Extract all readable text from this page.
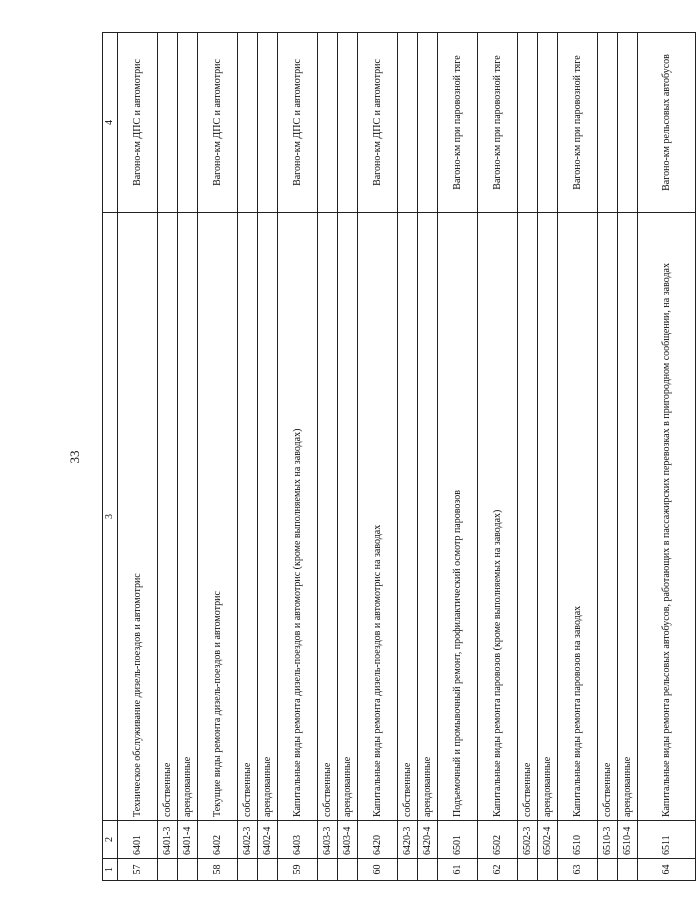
33
1	2	3	4
57	6401	Техническое обслуживание дизель-поездов и автомотрис	Вагоно-км ДПС и автомотрис
	6401-3	собственные	
	6401-4	арендованные	
58	6402	Текущие виды ремонта дизель-поездов и автомотрис	Вагоно-км ДПС и автомотрис
	6402-3	собственные	
	6402-4	арендованные	
59	6403	Капитальные виды ремонта дизель-поездов и автомотрис (кроме выполняемых на заводах)	Вагоно-км ДПС и автомотрис
	6403-3	собственные	
	6403-4	арендованные	
60	6420	Капитальные виды ремонта дизель-поездов и автомотрис на заводах	Вагоно-км ДПС и автомотрис
	6420-3	собственные	
	6420-4	арендованные	
61	6501	Подъемочный и промывочный ремонт, профилактический осмотр паровозов	Вагоно-км при паровозной тяге
62	6502	Капитальные виды ремонта паровозов (кроме выполняемых на заводах)	Вагоно-км при паровозной тяге
	6502-3	собственные	
	6502-4	арендованные	
63	6510	Капитальные виды ремонта паровозов на заводах	Вагоно-км при паровозной тяге
	6510-3	собственные	
	6510-4	арендованные	
64	6511	Капитальные виды ремонта рельсовых автобусов, работающих в пассажирских перевозках в пригородном сообщении, на заводах	Вагоно-км рельсовых автобусов
